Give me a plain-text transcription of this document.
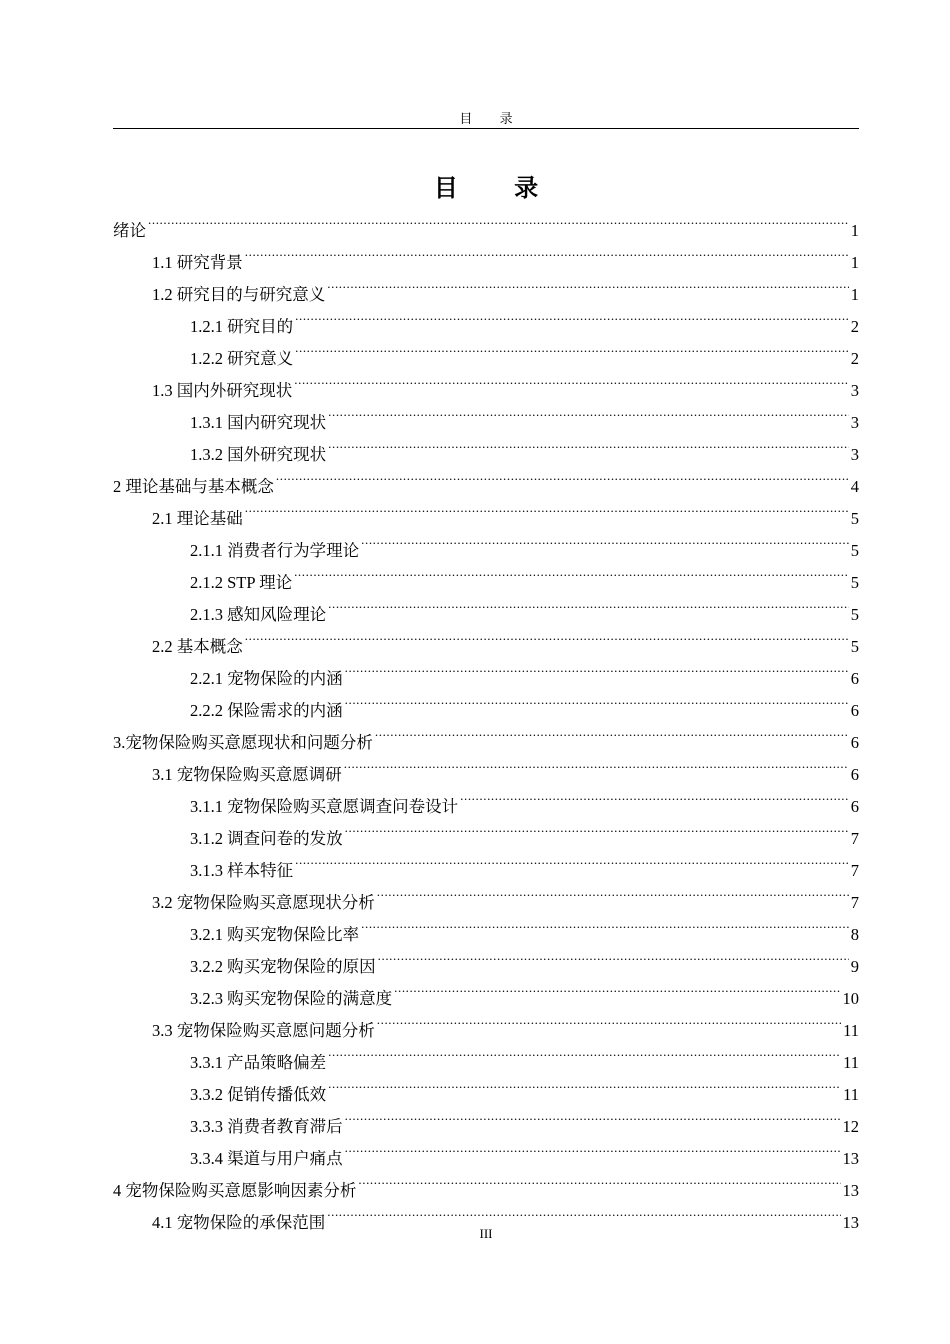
目 录
目 录
绪论 .....	1
1.1 研究背景 .....	1
1.2 研究目的与研究意义 .....	1
1.2.1 研究目的 .....	2
1.2.2 研究意义 .....	2
1.3 国内外研究现状 .....	3
1.3.1 国内研究现状 .....	3
1.3.2 国外研究现状 .....	3
2 理论基础与基本概念 .....	4
2.1 理论基础 .....	5
2.1.1 消费者行为学理论 .....	5
2.1.2 STP 理论 .....	5
2.1.3 感知风险理论 .....	5
2.2 基本概念 .....	5
2.2.1 宠物保险的内涵 .....	6
2.2.2 保险需求的内涵 .....	6
3.宠物保险购买意愿现状和问题分析 .....	6
3.1 宠物保险购买意愿调研 .....	6
3.1.1 宠物保险购买意愿调查问卷设计 .....	6
3.1.2 调查问卷的发放 .....	7
3.1.3 样本特征 .....	7
3.2 宠物保险购买意愿现状分析 .....	7
3.2.1 购买宠物保险比率 .....	8
3.2.2 购买宠物保险的原因 .....	9
3.2.3 购买宠物保险的满意度 .....	10
3.3 宠物保险购买意愿问题分析 .....	11
3.3.1 产品策略偏差 .....	11
3.3.2 促销传播低效 .....	11
3.3.3 消费者教育滞后 .....	12
3.3.4 渠道与用户痛点 .....	13
4 宠物保险购买意愿影响因素分析 .....	13
4.1 宠物保险的承保范围 .....	13
III
